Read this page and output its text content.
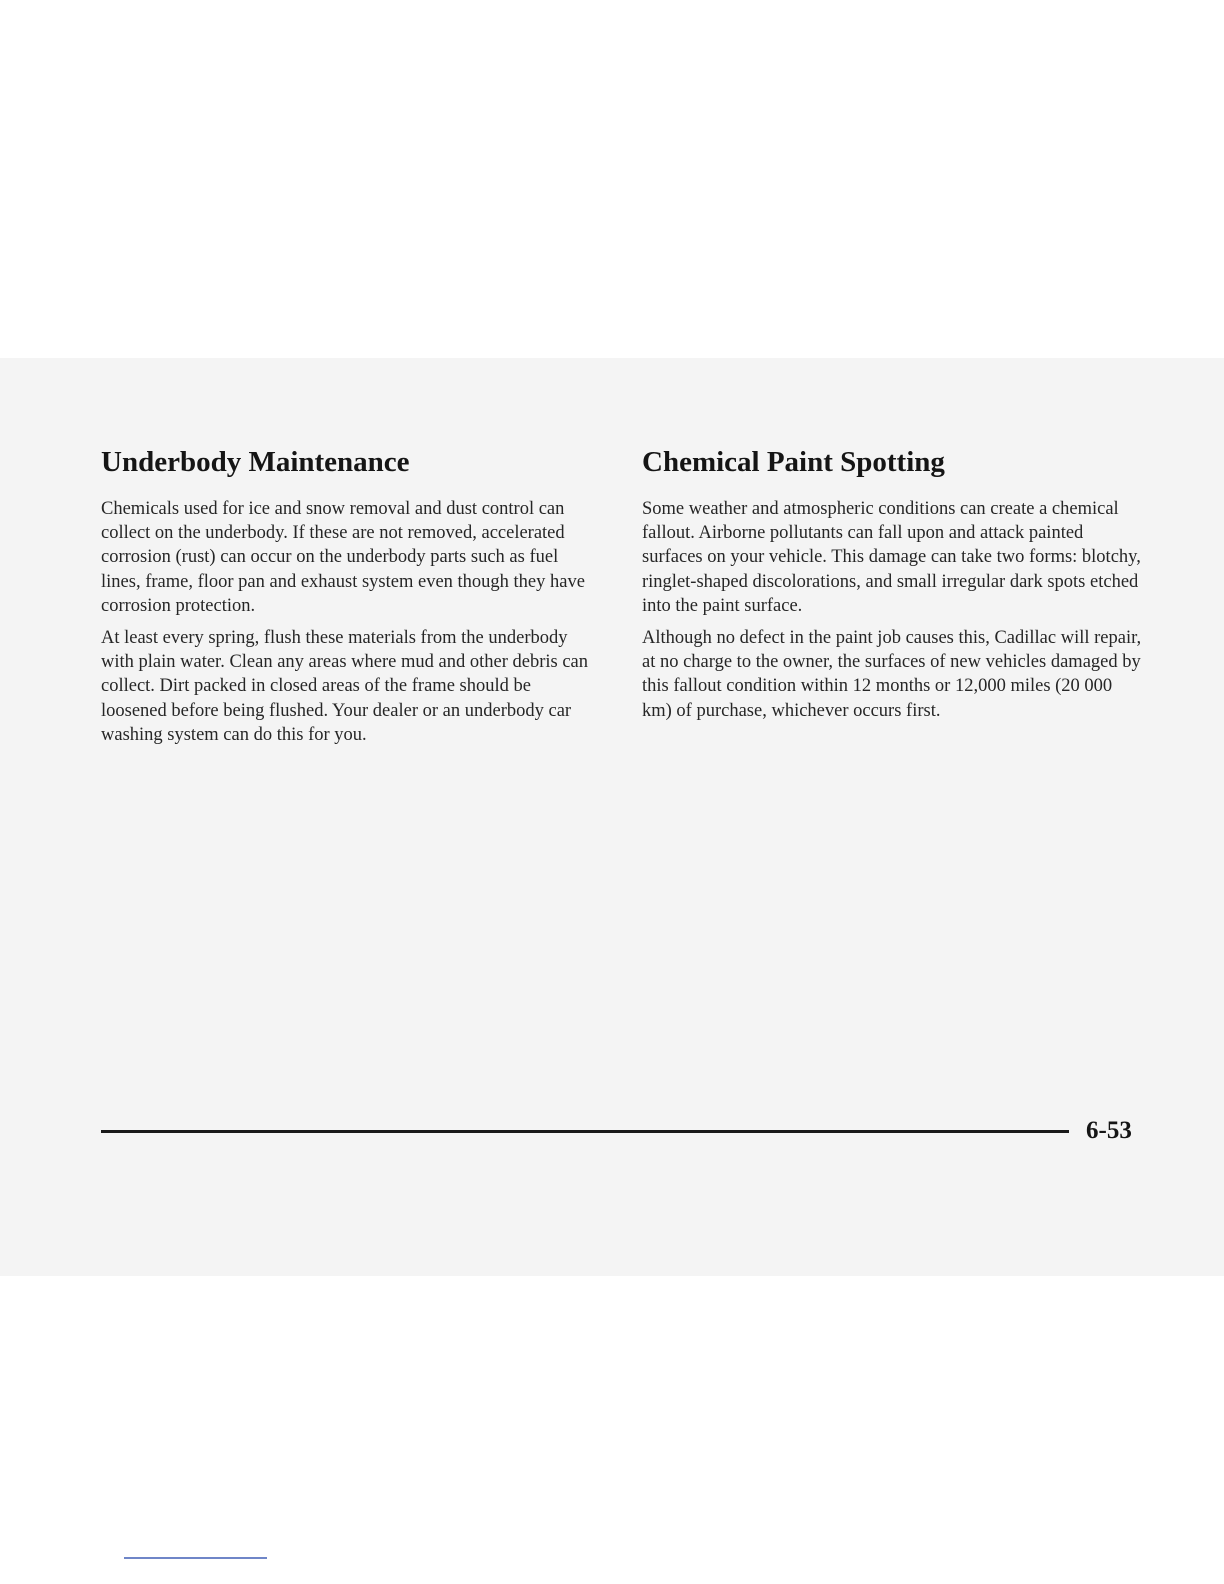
Underbody Maintenance

Chemicals used for ice and snow removal and dust control can collect on the underbody. If these are not removed, accelerated corrosion (rust) can occur on the underbody parts such as fuel lines, frame, floor pan and exhaust system even though they have corrosion protection.

At least every spring, flush these materials from the underbody with plain water. Clean any areas where mud and other debris can collect. Dirt packed in closed areas of the frame should be loosened before being flushed. Your dealer or an underbody car washing system can do this for you.

Chemical Paint Spotting

Some weather and atmospheric conditions can create a chemical fallout. Airborne pollutants can fall upon and attack painted surfaces on your vehicle. This damage can take two forms: blotchy, ringlet-shaped discolorations, and small irregular dark spots etched into the paint surface.

Although no defect in the paint job causes this, Cadillac will repair, at no charge to the owner, the surfaces of new vehicles damaged by this fallout condition within 12 months or 12,000 miles (20 000 km) of purchase, whichever occurs first.

6-53
